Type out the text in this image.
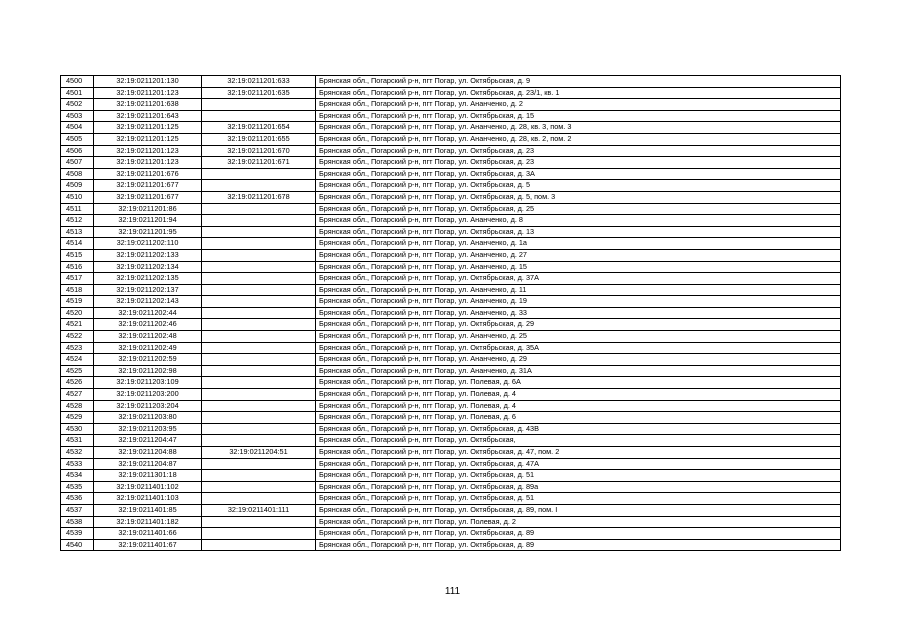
4500	32:19:0211201:130	32:19:0211201:633	Брянская обл., Погарский р-н, пгт Погар, ул. Октябрьская, д. 9
4501	32:19:0211201:123	32:19:0211201:635	Брянская обл., Погарский р-н, пгт Погар, ул. Октябрьская, д. 23/1, кв. 1
4502	32:19:0211201:638		Брянская обл., Погарский р-н, пгт Погар, ул. Ананченко, д. 2
4503	32:19:0211201:643		Брянская обл., Погарский р-н, пгт Погар, ул. Октябрьская, д. 15
4504	32:19:0211201:125	32:19:0211201:654	Брянская обл., Погарский р-н, пгт Погар, ул. Ананченко, д. 28, кв. 3, пом. 3
4505	32:19:0211201:125	32:19:0211201:655	Брянская обл., Погарский р-н, пгт Погар, ул. Ананченко, д. 28, кв. 2, пом. 2
4506	32:19:0211201:123	32:19:0211201:670	Брянская обл., Погарский р-н, пгт Погар, ул. Октябрьская, д. 23
4507	32:19:0211201:123	32:19:0211201:671	Брянская обл., Погарский р-н, пгт Погар, ул. Октябрьская, д. 23
4508	32:19:0211201:676		Брянская обл., Погарский р-н, пгт Погар, ул. Октябрьская, д. 3А
4509	32:19:0211201:677		Брянская обл., Погарский р-н, пгт Погар, ул. Октябрьская, д. 5
4510	32:19:0211201:677	32:19:0211201:678	Брянская обл., Погарский р-н, пгт Погар, ул. Октябрьская, д. 5, пом. 3
4511	32:19:0211201:86		Брянская обл., Погарский р-н, пгт Погар, ул. Октябрьская, д. 25
4512	32:19:0211201:94		Брянская обл., Погарский р-н, пгт Погар, ул. Ананченко, д. 8
4513	32:19:0211201:95		Брянская обл., Погарский р-н, пгт Погар, ул. Октябрьская, д. 13
4514	32:19:0211202:110		Брянская обл., Погарский р-н, пгт Погар, ул. Ананченко, д. 1а
4515	32:19:0211202:133		Брянская обл., Погарский р-н, пгт Погар, ул. Ананченко, д. 27
4516	32:19:0211202:134		Брянская обл., Погарский р-н, пгт Погар, ул. Ананченко, д. 15
4517	32:19:0211202:135		Брянская обл., Погарский р-н, пгт Погар, ул. Октябрьская, д. 37А
4518	32:19:0211202:137		Брянская обл., Погарский р-н, пгт Погар, ул. Ананченко, д. 11
4519	32:19:0211202:143		Брянская обл., Погарский р-н, пгт Погар, ул. Ананченко, д. 19
4520	32:19:0211202:44		Брянская обл., Погарский р-н, пгт Погар, ул. Ананченко, д. 33
4521	32:19:0211202:46		Брянская обл., Погарский р-н, пгт Погар, ул. Октябрьская, д. 29
4522	32:19:0211202:48		Брянская обл., Погарский р-н, пгт Погар, ул. Ананченко, д. 25
4523	32:19:0211202:49		Брянская обл., Погарский р-н, пгт Погар, ул. Октябрьская, д. 35А
4524	32:19:0211202:59		Брянская обл., Погарский р-н, пгт Погар, ул. Ананченко, д. 29
4525	32:19:0211202:98		Брянская обл., Погарский р-н, пгт Погар, ул. Ананченко, д. 31А
4526	32:19:0211203:109		Брянская обл., Погарский р-н, пгт Погар, ул. Полевая, д. 6А
4527	32:19:0211203:200		Брянская обл., Погарский р-н, пгт Погар, ул. Полевая, д. 4
4528	32:19:0211203:204		Брянская обл., Погарский р-н, пгт Погар, ул. Полевая, д. 4
4529	32:19:0211203:80		Брянская обл., Погарский р-н, пгт Погар, ул. Полевая, д. 6
4530	32:19:0211203:95		Брянская обл., Погарский р-н, пгт Погар, ул. Октябрьская, д. 43В
4531	32:19:0211204:47		Брянская обл., Погарский р-н, пгт Погар, ул. Октябрьская,
4532	32:19:0211204:88	32:19:0211204:51	Брянская обл., Погарский р-н, пгт Погар, ул. Октябрьская, д. 47, пом. 2
4533	32:19:0211204:87		Брянская обл., Погарский р-н, пгт Погар, ул. Октябрьская, д. 47А
4534	32:19:0211301:18		Брянская обл., Погарский р-н, пгт Погар, ул. Октябрьская, д. 51
4535	32:19:0211401:102		Брянская обл., Погарский р-н, пгт Погар, ул. Октябрьская, д. 89а
4536	32:19:0211401:103		Брянская обл., Погарский р-н, пгт Погар, ул. Октябрьская, д. 51
4537	32:19:0211401:85	32:19:0211401:111	Брянская обл., Погарский р-н, пгт Погар, ул. Октябрьская, д. 89, пом. I
4538	32:19:0211401:182		Брянская обл., Погарский р-н, пгт Погар, ул. Полевая, д. 2
4539	32:19:0211401:66		Брянская обл., Погарский р-н, пгт Погар, ул. Октябрьская, д. 89
4540	32:19:0211401:67		Брянская обл., Погарский р-н, пгт Погар, ул. Октябрьская, д. 89
111
